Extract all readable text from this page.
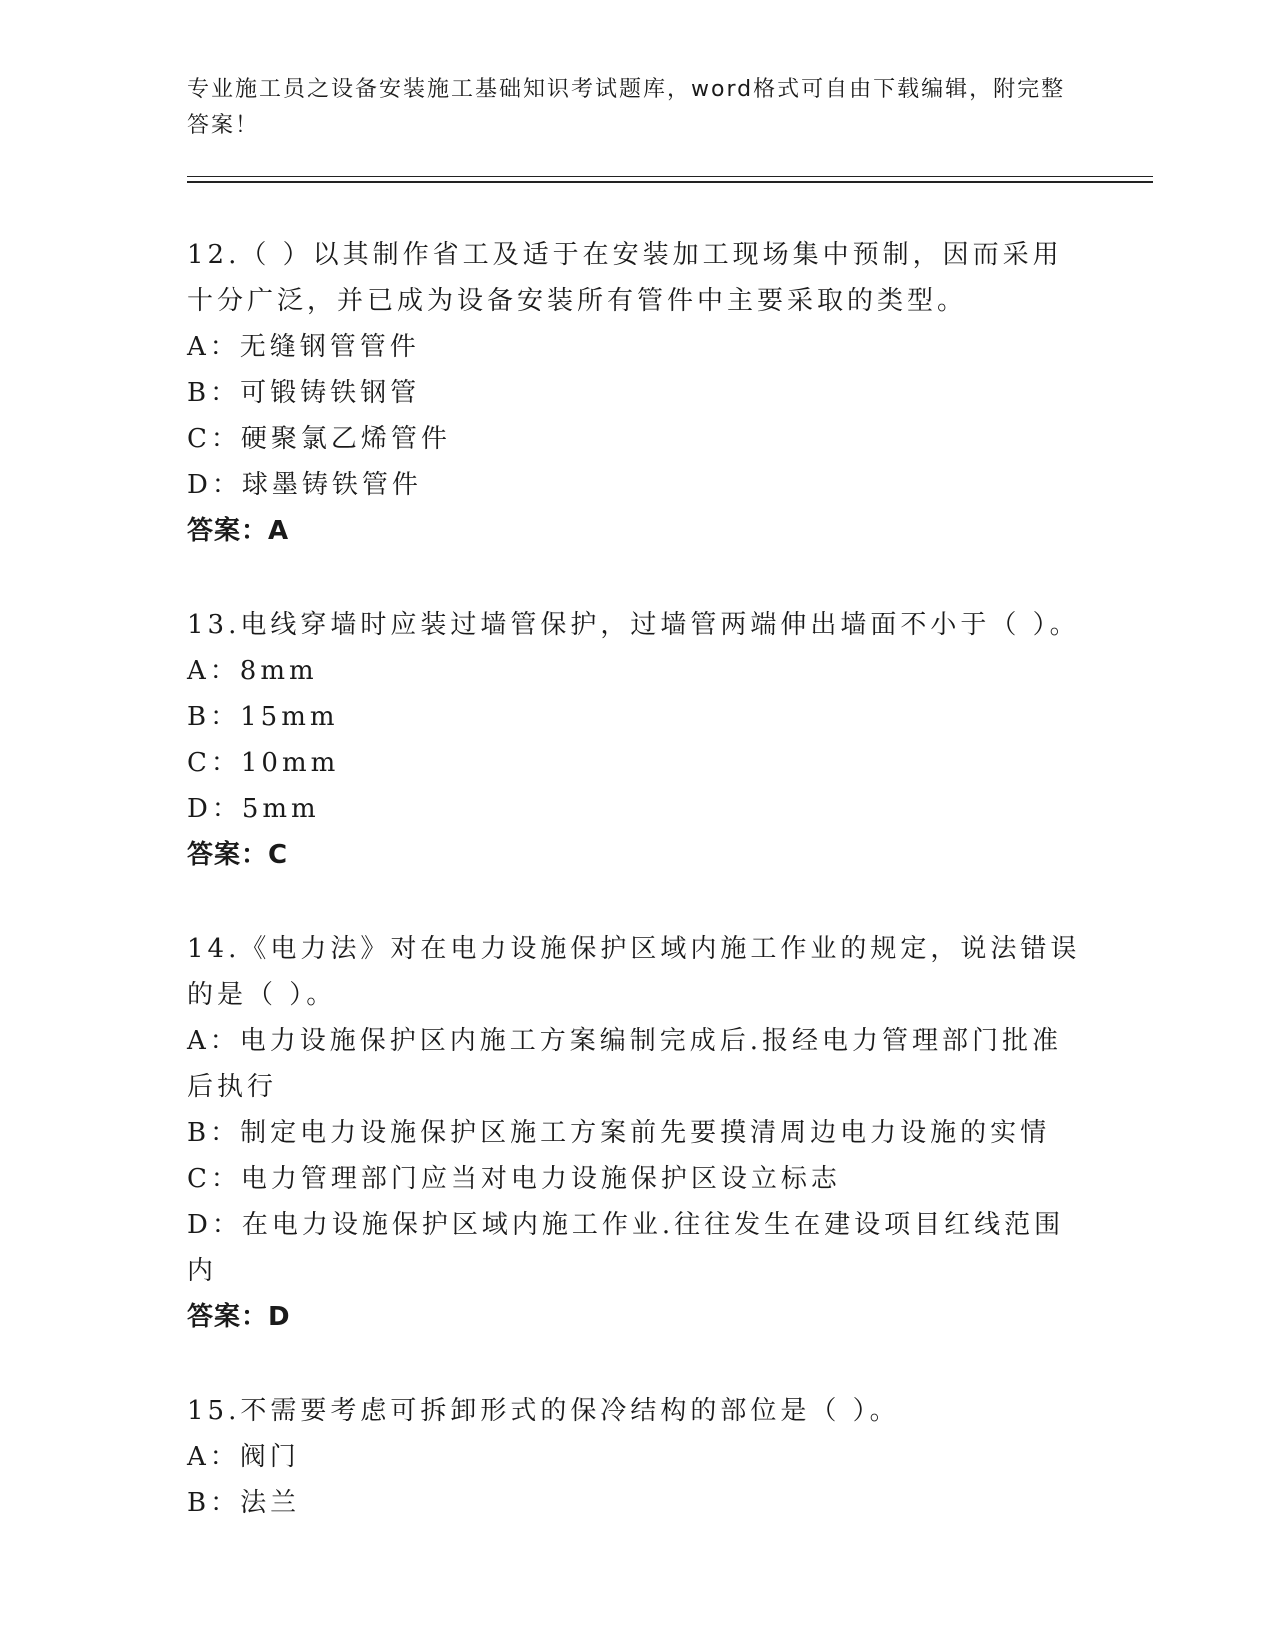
专业施工员之设备安装施工基础知识考试题库，word格式可自由下载编辑，附完整答案！
12.（ ）以其制作省工及适于在安装加工现场集中预制，因而采用十分广泛，并已成为设备安装所有管件中主要采取的类型。
A：无缝钢管管件
B：可锻铸铁钢管
C：硬聚氯乙烯管件
D：球墨铸铁管件
答案：A
13.电线穿墙时应装过墙管保护，过墙管两端伸出墙面不小于（ ）。
A：8mm
B：15mm
C：10mm
D：5mm
答案：C
14.《电力法》对在电力设施保护区域内施工作业的规定，说法错误的是（ ）。
A：电力设施保护区内施工方案编制完成后.报经电力管理部门批准后执行
B：制定电力设施保护区施工方案前先要摸清周边电力设施的实情
C：电力管理部门应当对电力设施保护区设立标志
D：在电力设施保护区域内施工作业.往往发生在建设项目红线范围内
答案：D
15.不需要考虑可拆卸形式的保冷结构的部位是（ ）。
A：阀门
B：法兰
